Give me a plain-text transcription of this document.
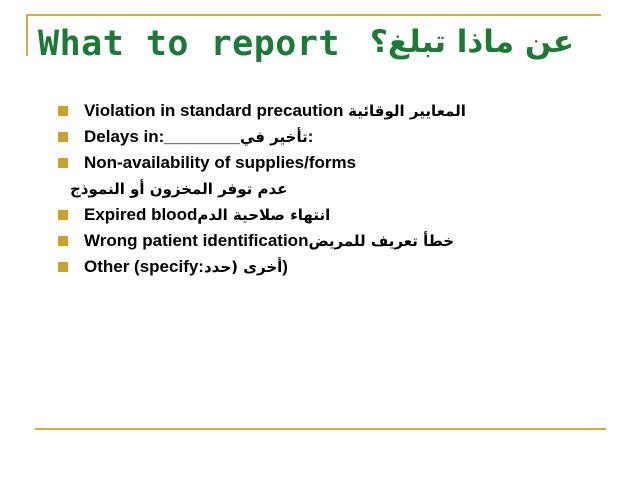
What to report عن ماذا تبلغ؟
Violation in standard precaution المعايير الوقائية
Delays in:________تأخير في:
Non-availability of supplies/forms
عدم توفر المخزون أو النموذج
Expired bloodانتهاء صلاحية الدم
Wrong patient identificationخطأ تعريف للمريض
Other (specify:أخرى (حدد)
